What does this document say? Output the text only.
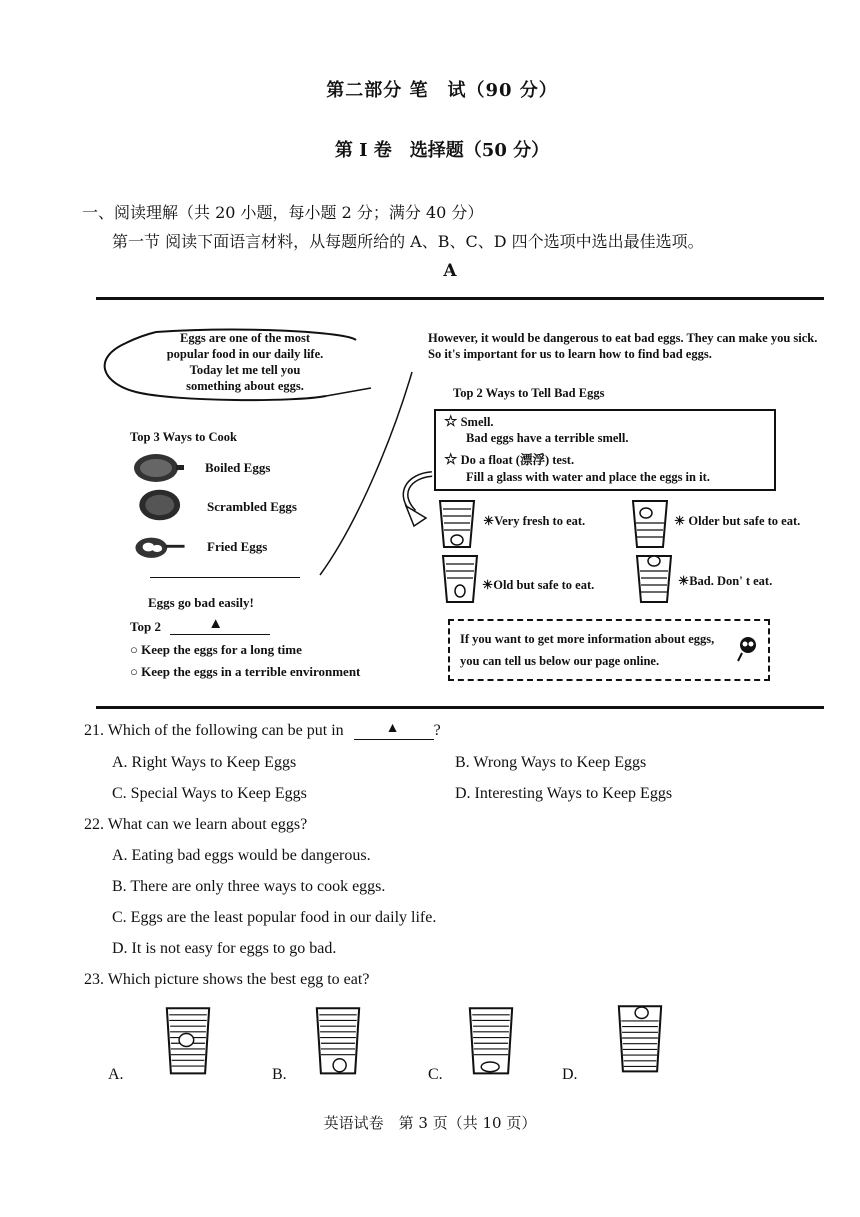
第二部分 笔　试（90 分）
第 Ⅰ 卷　选择题（50 分）
一、阅读理解（共 20 小题，每小题 2 分；满分 40 分）
第一节 阅读下面语言材料，从每题所给的 A、B、C、D 四个选项中选出最佳选项。
A
Eggs are one of the most
popular food in our daily life.
Today let me tell you
something about eggs.
Top 3 Ways to Cook
Boiled Eggs
Scrambled Eggs
Fried Eggs
Eggs go bad easily!
Top 2	▲
○ Keep the eggs for a long time
○ Keep the eggs in a terrible environment
However, it would be dangerous to eat bad eggs. They can make you sick. So it's important for us to learn how to find bad eggs.
Top 2 Ways to Tell Bad Eggs
☆ Smell.
Bad eggs have a terrible smell.
☆ Do a float (漂浮) test.
Fill a glass with water and place the eggs in it.
☀Very fresh to eat.	☀ Older but safe to eat.
☀Old but safe to eat.	☀Bad. Don' t eat.
If you want to get more information about eggs,
you can tell us below our page online.
21. Which of the following can be put in	▲ ?
A. Right Ways to Keep Eggs	B. Wrong Ways to Keep Eggs
C. Special Ways to Keep Eggs	D. Interesting Ways to Keep Eggs
22. What can we learn about eggs?
A. Eating bad eggs would be dangerous.
B. There are only three ways to cook eggs.
C. Eggs are the least popular food in our daily life.
D. It is not easy for eggs to go bad.
23. Which picture shows the best egg to eat?
A.	B.	C.	D.
英语试卷　第 3 页（共 10 页）
